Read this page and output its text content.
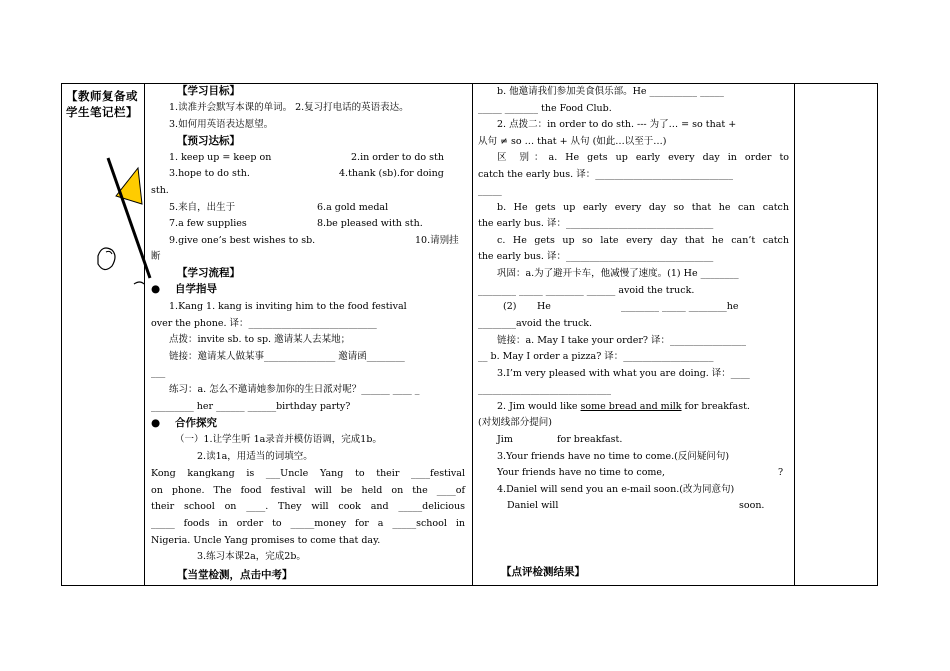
【教师复备或学生笔记栏】
【学习目标】
1.读准并会默写本课的单词。 2.复习打电话的英语表达。
3.如何用英语表达愿望。
【预习达标】
1. keep up = keep on	2.in order to do sth
3.hope to do sth.	4.thank (sb).for doing
sth.
5.来自，出生于	6.a gold medal
7.a few supplies	8.be pleased with sth.
9.give one’s best wishes to sb.	10.请别挂
断
【学习流程】
● 自学指导
1.Kang 1. kang is inviting him to the food festival
over the phone. 译：___________________________
点拨：invite sb. to sp. 邀请某人去某地；
链接：邀请某人做某事_______________ 邀请函________
___
练习：a. 怎么不邀请她参加你的生日派对呢？______ ____ _
_________ her ______ ______birthday party?
● 合作探究
（一）1.让学生听 1a录音并模仿语调，完成1b。
2.读1a，用适当的词填空。
Kong kangkang is ___Uncle Yang to their ____festival
on phone. The food festival will be held on the ____of
their school on ____. They will cook and _____delicious
_____ foods in order to _____money for a _____school in
Nigeria. Uncle Yang promises to come that day.
3.练习本课2a，完成2b。
【当堂检测，点击中考】
b. 他邀请我们参加美食俱乐部。He __________ _____
_____ _______ the Food Club.
2. 点拨二：in order to do sth. --- 为了… = so that +
从句 ≠ so … that + 从句 (如此…以至于…)
区 别：a. He gets up early every day in order to
catch the early bus. 译：_____________________________
_____
b. He gets up early every day so that he can catch
the early bus. 译：_______________________________
c. He gets up so late every day that he can’t catch
the early bus. 译：_______________________________
巩固：a.为了避开卡车，他减慢了速度。(1) He ________
________ _____ ________ ______ avoid the truck.
(2) He	________ _____ ________he
________avoid the truck.
链接：a. May I take your order? 译：________________
__ b. May I order a pizza? 译：___________________
3.I’m very pleased with what you are doing. 译：____
____________________________
2. Jim would like some bread and milk for breakfast.
(对划线部分提问)
Jim	for breakfast.
3.Your friends have no time to come.(反问疑问句)
Your friends have no time to come,	?
4.Daniel will send you an e-mail soon.(改为同意句)
Daniel will	soon.
【点评检测结果】
